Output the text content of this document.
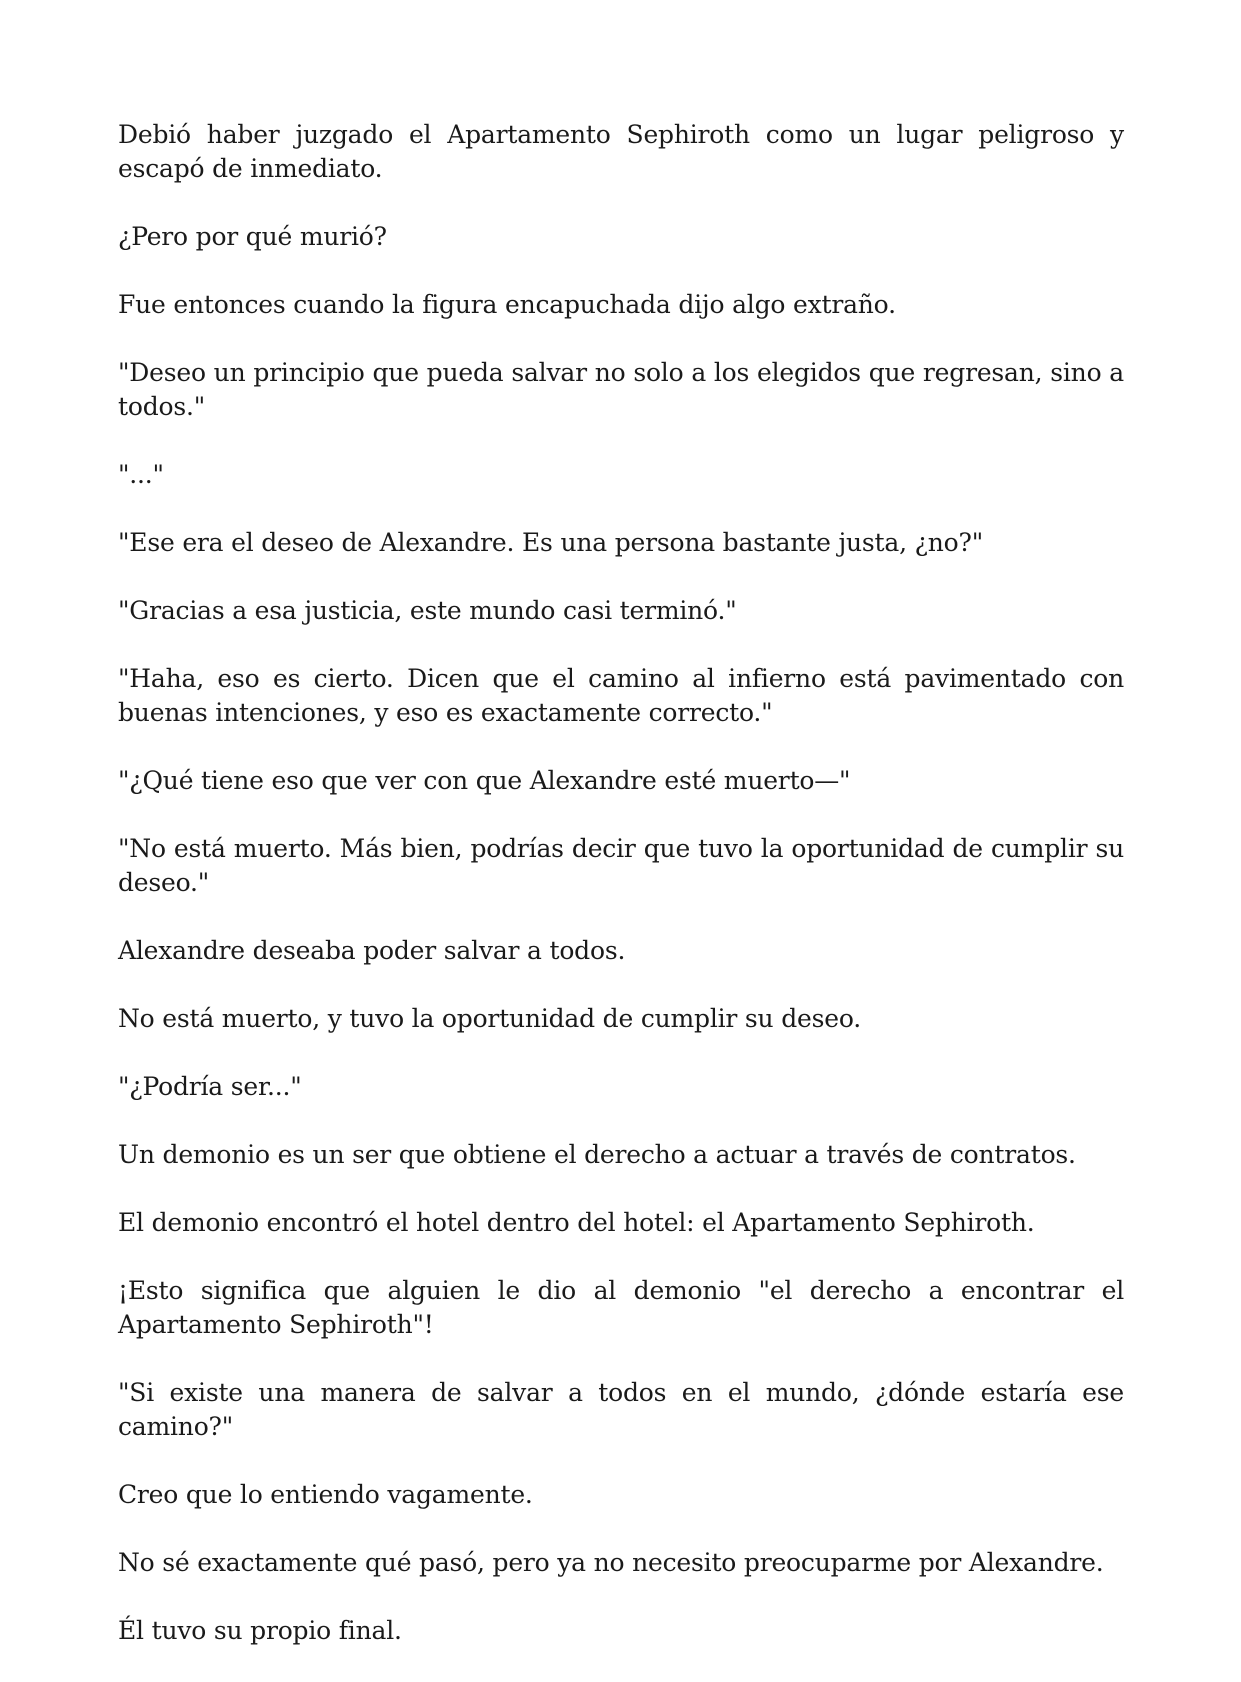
Debió haber juzgado el Apartamento Sephiroth como un lugar peligroso y escapó de inmediato.

¿Pero por qué murió?

Fue entonces cuando la figura encapuchada dijo algo extraño.

"Deseo un principio que pueda salvar no solo a los elegidos que regresan, sino a todos."

"..."

"Ese era el deseo de Alexandre. Es una persona bastante justa, ¿no?"

"Gracias a esa justicia, este mundo casi terminó."

"Haha, eso es cierto. Dicen que el camino al infierno está pavimentado con buenas intenciones, y eso es exactamente correcto."

"¿Qué tiene eso que ver con que Alexandre esté muerto—"

"No está muerto. Más bien, podrías decir que tuvo la oportunidad de cumplir su deseo."

Alexandre deseaba poder salvar a todos.

No está muerto, y tuvo la oportunidad de cumplir su deseo.

"¿Podría ser..."

Un demonio es un ser que obtiene el derecho a actuar a través de contratos.

El demonio encontró el hotel dentro del hotel: el Apartamento Sephiroth.

¡Esto significa que alguien le dio al demonio "el derecho a encontrar el Apartamento Sephiroth"!

"Si existe una manera de salvar a todos en el mundo, ¿dónde estaría ese camino?"

Creo que lo entiendo vagamente.

No sé exactamente qué pasó, pero ya no necesito preocuparme por Alexandre.

Él tuvo su propio final.
